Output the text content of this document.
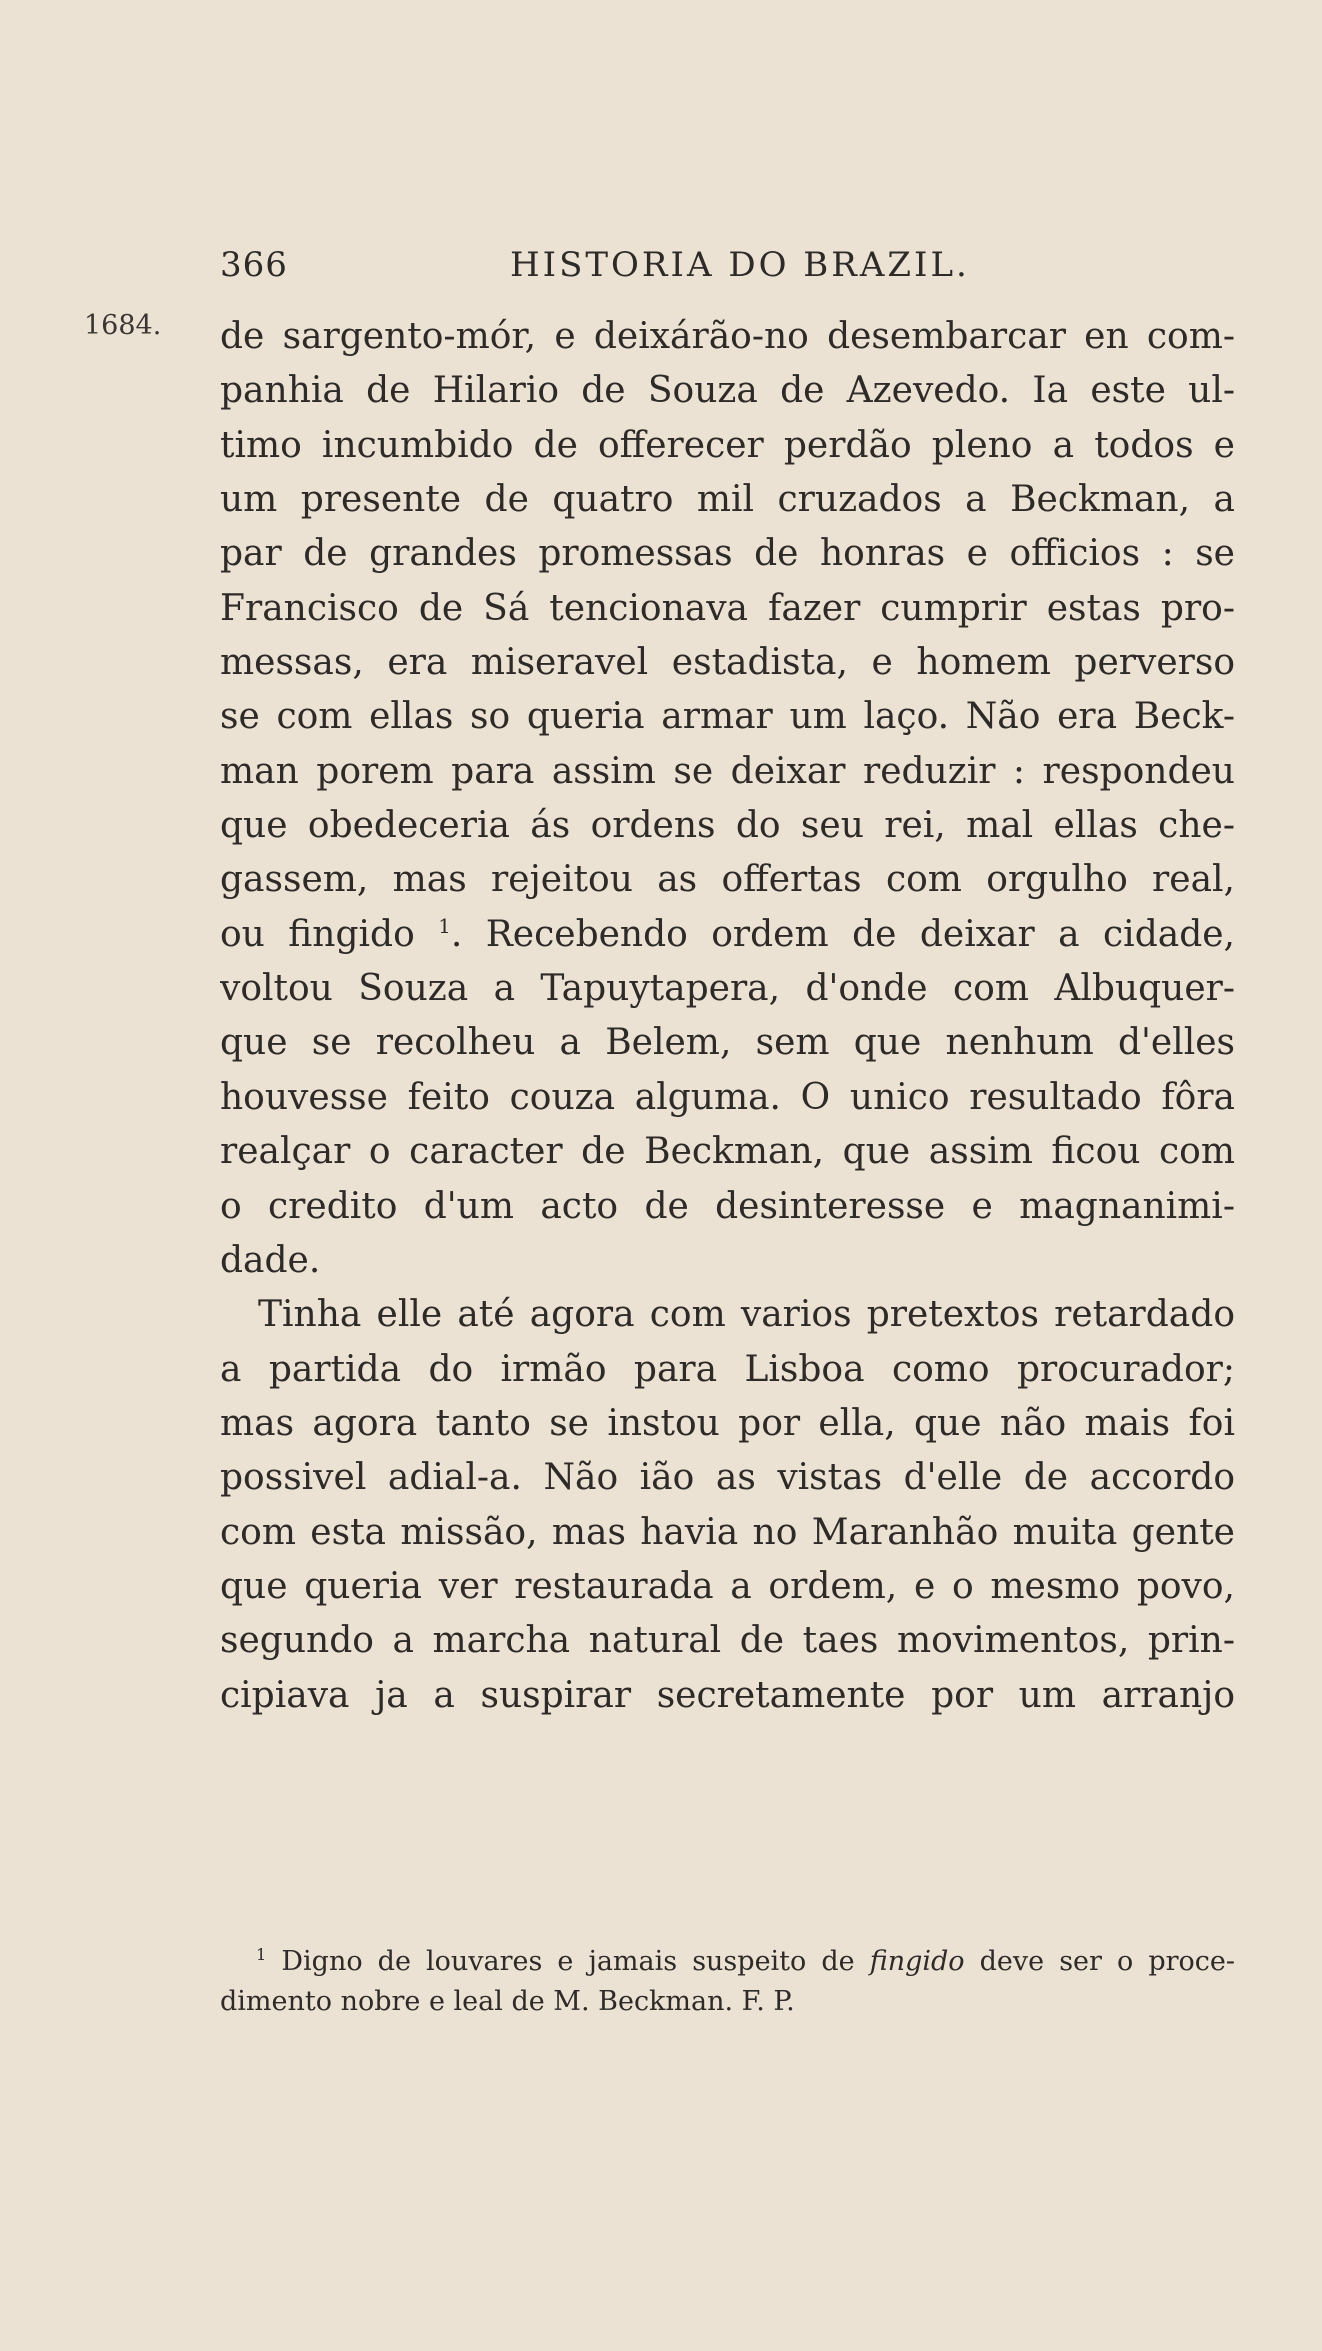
366	HISTORIA DO BRAZIL.
1684. de sargento-mór, e deixárão-no desembarcar en com-
panhia de Hilario de Souza de Azevedo. Ia este ul-
timo incumbido de offerecer perdão pleno a todos e
um presente de quatro mil cruzados a Beckman, a
par de grandes promessas de honras e officios : se
Francisco de Sá tencionava fazer cumprir estas pro-
messas, era miseravel estadista, e homem perverso
se com ellas so queria armar um laço. Não era Beck-
man porem para assim se deixar reduzir : respondeu
que obedeceria ás ordens do seu rei, mal ellas che-
gassem, mas rejeitou as offertas com orgulho real,
ou fingido $^1$. Recebendo ordem de deixar a cidade,
voltou Souza a Tapuytapera, d'onde com Albuquer-
que se recolheu a Belem, sem que nenhum d'elles
houvesse feito couza alguma. O unico resultado fôra
realçar o caracter de Beckman, que assim ficou com
o credito d'um acto de desinteresse e magnanimi-
dade.
Tinha elle até agora com varios pretextos retardado
a partida do irmão para Lisboa como procurador;
mas agora tanto se instou por ella, que não mais foi
possivel adial-a. Não ião as vistas d'elle de accordo
com esta missão, mas havia no Maranhão muita gente
que queria ver restaurada a ordem, e o mesmo povo,
segundo a marcha natural de taes movimentos, prin-
cipiava ja a suspirar secretamente por um arranjo
$^1$ Digno de louvares e jamais suspeito de fingido deve ser o proce-
dimento nobre e leal de M. Beckman. F. P.
